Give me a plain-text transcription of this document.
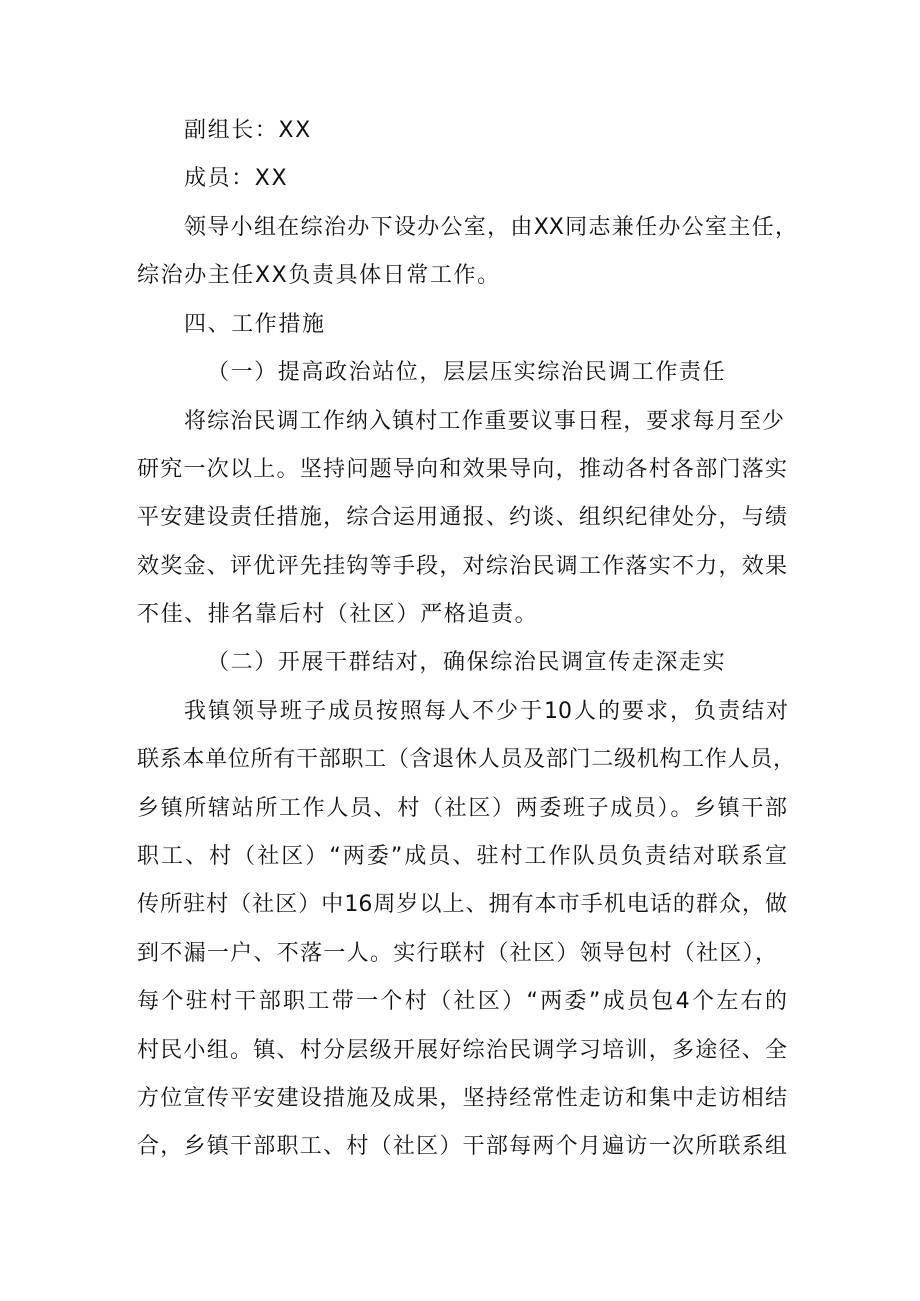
副组长：XX
成员：XX
领导小组在综治办下设办公室，由XX同志兼任办公室主任，
综治办主任XX负责具体日常工作。
四、工作措施
（一）提高政治站位，层层压实综治民调工作责任
将综治民调工作纳入镇村工作重要议事日程，要求每月至少
研究一次以上。坚持问题导向和效果导向，推动各村各部门落实
平安建设责任措施，综合运用通报、约谈、组织纪律处分，与绩
效奖金、评优评先挂钩等手段，对综治民调工作落实不力，效果
不佳、排名靠后村（社区）严格追责。
（二）开展干群结对，确保综治民调宣传走深走实
我镇领导班子成员按照每人不少于10人的要求，负责结对
联系本单位所有干部职工（含退休人员及部门二级机构工作人员，
乡镇所辖站所工作人员、村（社区）两委班子成员）。乡镇干部
职工、村（社区）“两委”成员、驻村工作队员负责结对联系宣
传所驻村（社区）中16周岁以上、拥有本市手机电话的群众，做
到不漏一户、不落一人。实行联村（社区）领导包村（社区），
每个驻村干部职工带一个村（社区）“两委”成员包4个左右的
村民小组。镇、村分层级开展好综治民调学习培训，多途径、全
方位宣传平安建设措施及成果，坚持经常性走访和集中走访相结
合，乡镇干部职工、村（社区）干部每两个月遍访一次所联系组
